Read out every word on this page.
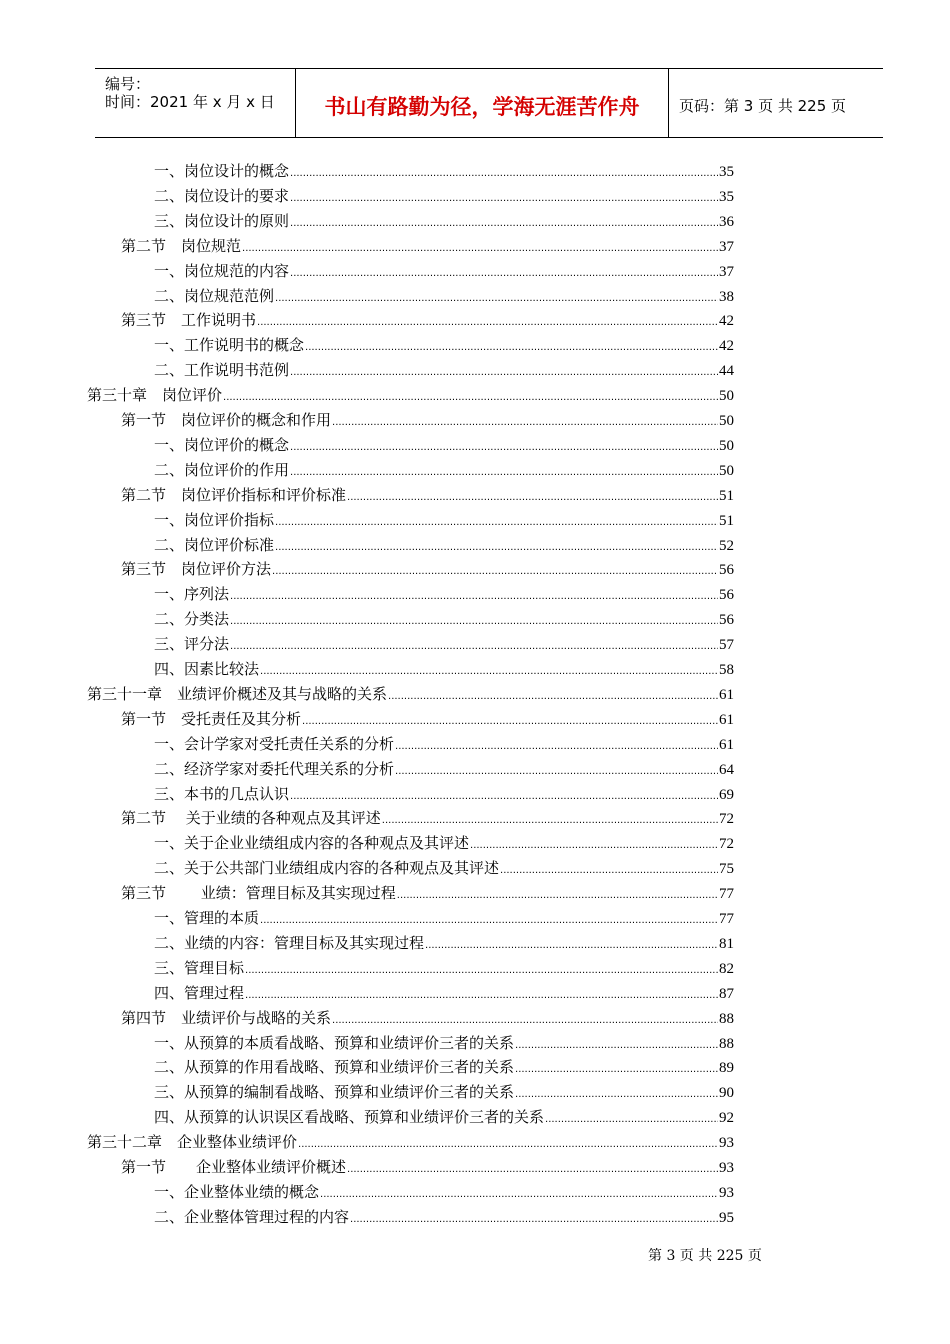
编号：
时间：2021 年 x 月 x 日	书山有路勤为径，学海无涯苦作舟	页码：第 3 页 共 225 页
一、岗位设计的概念 .....	35
二、岗位设计的要求 .....	35
三、岗位设计的原则 .....	36
第二节　岗位规范 .....	37
一、岗位规范的内容 .....	37
二、岗位规范范例 .....	38
第三节　工作说明书 .....	42
一、工作说明书的概念 .....	42
二、工作说明书范例 .....	44
第三十章　岗位评价 .....	50
第一节　岗位评价的概念和作用 .....	50
一、岗位评价的概念 .....	50
二、岗位评价的作用 .....	50
第二节　岗位评价指标和评价标准 .....	51
一、岗位评价指标 .....	51
二、岗位评价标准 .....	52
第三节　岗位评价方法 .....	56
一、序列法 .....	56
二、分类法 .....	56
三、评分法 .....	57
四、因素比较法 .....	58
第三十一章　业绩评价概述及其与战略的关系 .....	61
第一节　受托责任及其分析 .....	61
一、会计学家对受托责任关系的分析 .....	61
二、经济学家对委托代理关系的分析 .....	64
三、本书的几点认识 .....	69
第二节　 关于业绩的各种观点及其评述 .....	72
一、关于企业业绩组成内容的各种观点及其评述 .....	72
二、关于公共部门业绩组成内容的各种观点及其评述 .....	75
第三节　　 业绩：管理目标及其实现过程 .....	77
一、管理的本质 .....	77
二、业绩的内容：管理目标及其实现过程 .....	81
三、管理目标 .....	82
四、管理过程 .....	87
第四节　业绩评价与战略的关系 .....	88
一、从预算的本质看战略、预算和业绩评价三者的关系 .....	88
二、从预算的作用看战略、预算和业绩评价三者的关系 .....	89
三、从预算的编制看战略、预算和业绩评价三者的关系 .....	90
四、从预算的认识误区看战略、预算和业绩评价三者的关系 .....	92
第三十二章　企业整体业绩评价 .....	93
第一节　　企业整体业绩评价概述 .....	93
一、企业整体业绩的概念 .....	93
二、企业整体管理过程的内容 .....	95
第 3 页 共 225 页
